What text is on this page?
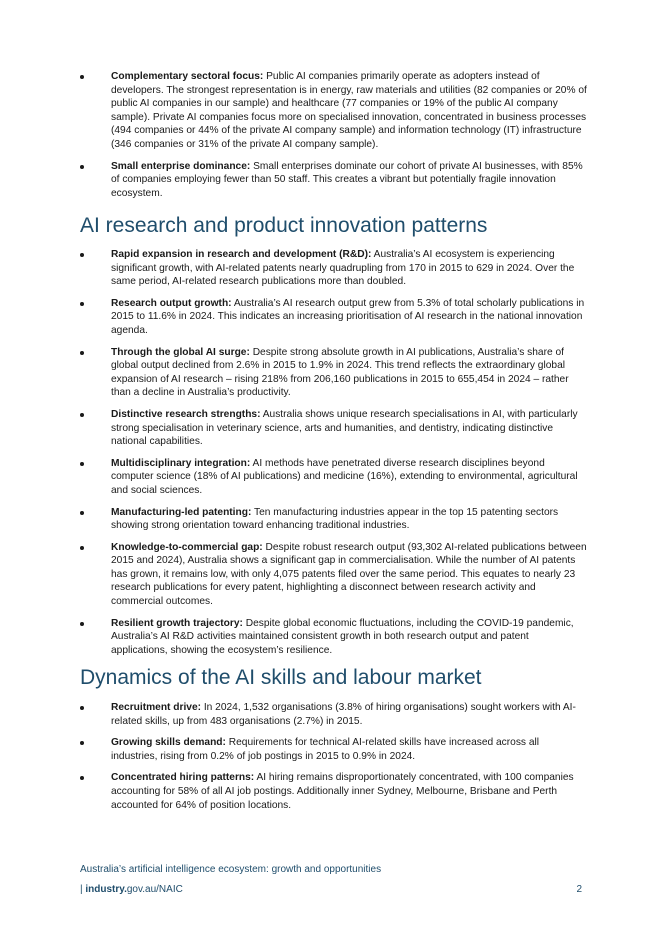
Complementary sectoral focus: Public AI companies primarily operate as adopters instead of developers. The strongest representation is in energy, raw materials and utilities (82 companies or 20% of public AI companies in our sample) and healthcare (77 companies or 19% of the public AI company sample). Private AI companies focus more on specialised innovation, concentrated in business processes (494 companies or 44% of the private AI company sample) and information technology (IT) infrastructure (346 companies or 31% of the private AI company sample).
Small enterprise dominance: Small enterprises dominate our cohort of private AI businesses, with 85% of companies employing fewer than 50 staff. This creates a vibrant but potentially fragile innovation ecosystem.
AI research and product innovation patterns
Rapid expansion in research and development (R&D): Australia’s AI ecosystem is experiencing significant growth, with AI-related patents nearly quadrupling from 170 in 2015 to 629 in 2024. Over the same period, AI-related research publications more than doubled.
Research output growth: Australia’s AI research output grew from 5.3% of total scholarly publications in 2015 to 11.6% in 2024. This indicates an increasing prioritisation of AI research in the national innovation agenda.
Through the global AI surge: Despite strong absolute growth in AI publications, Australia’s share of global output declined from 2.6% in 2015 to 1.9% in 2024. This trend reflects the extraordinary global expansion of AI research – rising 218% from 206,160 publications in 2015 to 655,454 in 2024 – rather than a decline in Australia’s productivity.
Distinctive research strengths: Australia shows unique research specialisations in AI, with particularly strong specialisation in veterinary science, arts and humanities, and dentistry, indicating distinctive national capabilities.
Multidisciplinary integration: AI methods have penetrated diverse research disciplines beyond computer science (18% of AI publications) and medicine (16%), extending to environmental, agricultural and social sciences.
Manufacturing-led patenting: Ten manufacturing industries appear in the top 15 patenting sectors showing strong orientation toward enhancing traditional industries.
Knowledge-to-commercial gap: Despite robust research output (93,302 AI-related publications between 2015 and 2024), Australia shows a significant gap in commercialisation. While the number of AI patents has grown, it remains low, with only 4,075 patents filed over the same period. This equates to nearly 23 research publications for every patent, highlighting a disconnect between research activity and commercial outcomes.
Resilient growth trajectory: Despite global economic fluctuations, including the COVID-19 pandemic, Australia’s AI R&D activities maintained consistent growth in both research output and patent applications, showing the ecosystem’s resilience.
Dynamics of the AI skills and labour market
Recruitment drive: In 2024, 1,532 organisations (3.8% of hiring organisations) sought workers with AI-related skills, up from 483 organisations (2.7%) in 2015.
Growing skills demand: Requirements for technical AI-related skills have increased across all industries, rising from 0.2% of job postings in 2015 to 0.9% in 2024.
Concentrated hiring patterns: AI hiring remains disproportionately concentrated, with 100 companies accounting for 58% of all AI job postings. Additionally inner Sydney, Melbourne, Brisbane and Perth accounted for 64% of position locations.
Australia’s artificial intelligence ecosystem: growth and opportunities
| industry.gov.au/NAIC	2
